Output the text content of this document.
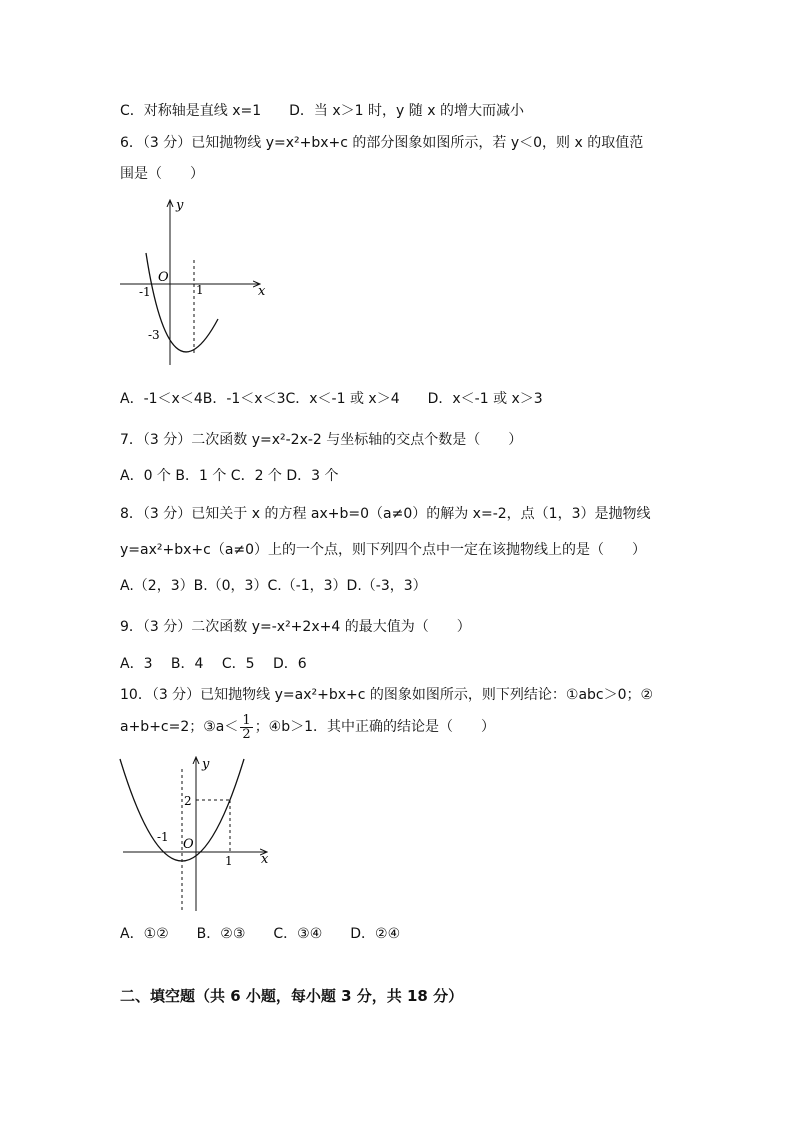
C．对称轴是直线 x=1　　D．当 x＞1 时，y 随 x 的增大而减小
6．（3 分）已知抛物线 y=x²+bx+c 的部分图象如图所示，若 y＜0，则 x 的取值范
围是（　　）
y
x
O
-1	1
-3
A．-1＜x＜4B．-1＜x＜3C．x＜-1 或 x＞4　　D．x＜-1 或 x＞3
7．（3 分）二次函数 y=x²-2x-2 与坐标轴的交点个数是（　　）
A．0 个 B．1 个 C．2 个 D．3 个
8．（3 分）已知关于 x 的方程 ax+b=0（a≠0）的解为 x=-2，点（1，3）是抛物线
y=ax²+bx+c（a≠0）上的一个点，则下列四个点中一定在该抛物线上的是（　　）
A.（2，3）B.（0，3）C.（-1，3）D.（-3，3）
9．（3 分）二次函数 y=-x²+2x+4 的最大值为（　　）
A．3　 B．4　 C．5　 D．6
10．（3 分）已知抛物线 y=ax²+bx+c 的图象如图所示，则下列结论：①abc＞0；②
a+b+c=2；③a＜ $\frac{1}{2}$ ；④b＞1．其中正确的结论是（　　）
y
x
O
-1
1
2
A．①②　　B．②③　　C．③④　　D．②④
二、填空题（共 6 小题，每小题 3 分，共 18 分）
